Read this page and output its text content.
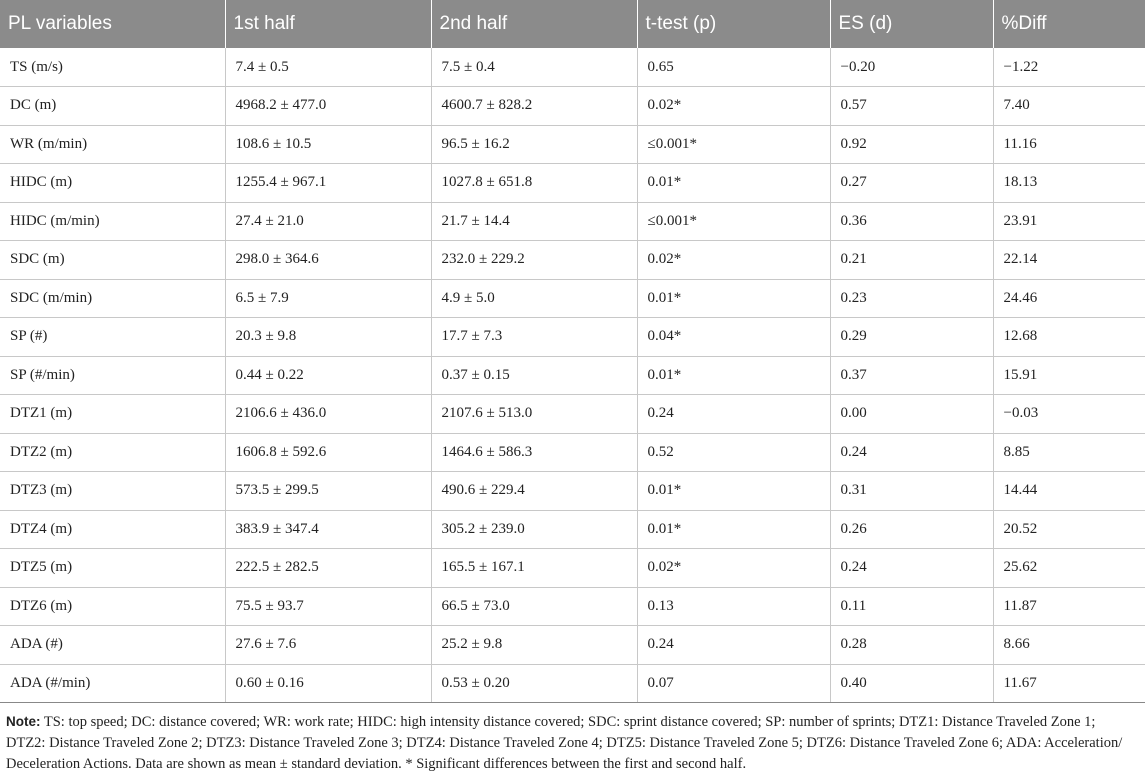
PL variables	1st half	2nd half	t-test (p)	ES (d)	%Diff
TS (m/s)	7.4 ± 0.5	7.5 ± 0.4	0.65	−0.20	−1.22
DC (m)	4968.2 ± 477.0	4600.7 ± 828.2	0.02*	0.57	7.40
WR (m/min)	108.6 ± 10.5	96.5 ± 16.2	≤0.001*	0.92	11.16
HIDC (m)	1255.4 ± 967.1	1027.8 ± 651.8	0.01*	0.27	18.13
HIDC (m/min)	27.4 ± 21.0	21.7 ± 14.4	≤0.001*	0.36	23.91
SDC (m)	298.0 ± 364.6	232.0 ± 229.2	0.02*	0.21	22.14
SDC (m/min)	6.5 ± 7.9	4.9 ± 5.0	0.01*	0.23	24.46
SP (#)	20.3 ± 9.8	17.7 ± 7.3	0.04*	0.29	12.68
SP (#/min)	0.44 ± 0.22	0.37 ± 0.15	0.01*	0.37	15.91
DTZ1 (m)	2106.6 ± 436.0	2107.6 ± 513.0	0.24	0.00	−0.03
DTZ2 (m)	1606.8 ± 592.6	1464.6 ± 586.3	0.52	0.24	8.85
DTZ3 (m)	573.5 ± 299.5	490.6 ± 229.4	0.01*	0.31	14.44
DTZ4 (m)	383.9 ± 347.4	305.2 ± 239.0	0.01*	0.26	20.52
DTZ5 (m)	222.5 ± 282.5	165.5 ± 167.1	0.02*	0.24	25.62
DTZ6 (m)	75.5 ± 93.7	66.5 ± 73.0	0.13	0.11	11.87
ADA (#)	27.6 ± 7.6	25.2 ± 9.8	0.24	0.28	8.66
ADA (#/min)	0.60 ± 0.16	0.53 ± 0.20	0.07	0.40	11.67
Note: TS: top speed; DC: distance covered; WR: work rate; HIDC: high intensity distance covered; SDC: sprint distance covered; SP: number of sprints; DTZ1: Distance Traveled Zone 1; DTZ2: Distance Traveled Zone 2; DTZ3: Distance Traveled Zone 3; DTZ4: Distance Traveled Zone 4; DTZ5: Distance Traveled Zone 5; DTZ6: Distance Traveled Zone 6; ADA: Acceleration/ Deceleration Actions. Data are shown as mean ± standard deviation. * Significant differences between the first and second half.
